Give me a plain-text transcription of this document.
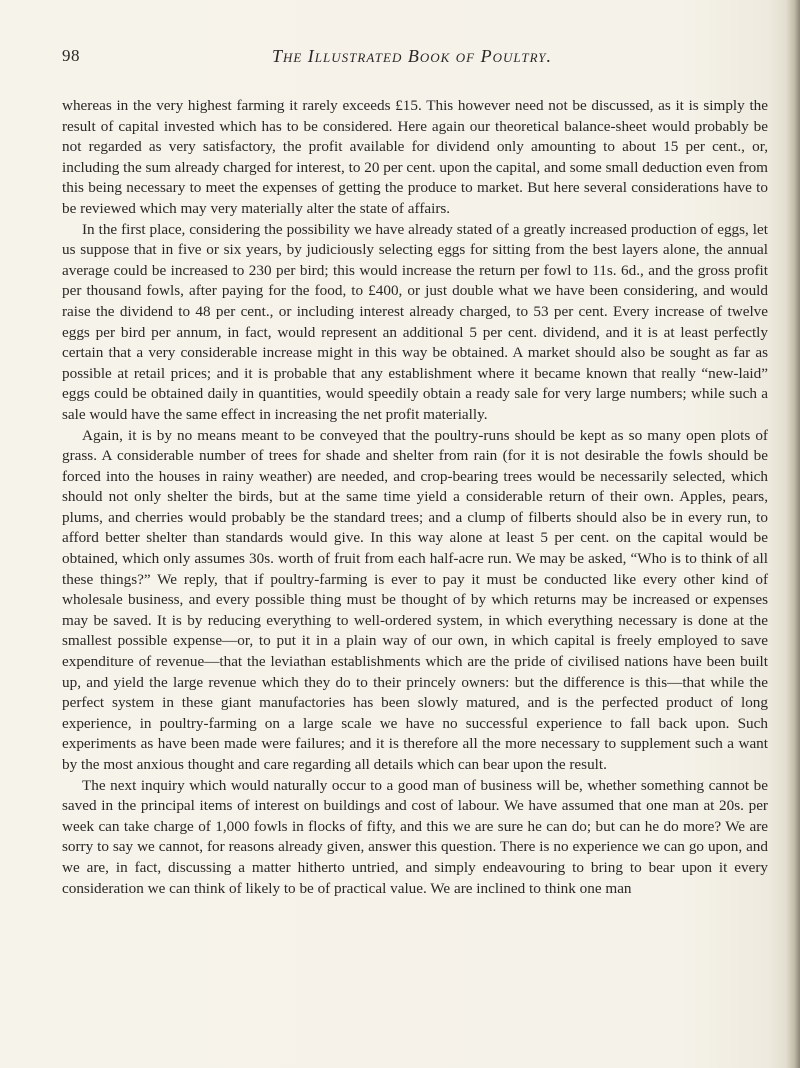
The Illustrated Book of Poultry.
98

whereas in the very highest farming it rarely exceeds £15. This however need not be discussed, as it is simply the result of capital invested which has to be considered. Here again our theoretical balance-sheet would probably be not regarded as very satisfactory, the profit available for dividend only amounting to about 15 per cent., or, including the sum already charged for interest, to 20 per cent. upon the capital, and some small deduction even from this being necessary to meet the expenses of getting the produce to market. But here several considerations have to be reviewed which may very materially alter the state of affairs.

In the first place, considering the possibility we have already stated of a greatly increased production of eggs, let us suppose that in five or six years, by judiciously selecting eggs for sitting from the best layers alone, the annual average could be increased to 230 per bird; this would increase the return per fowl to 11s. 6d., and the gross profit per thousand fowls, after paying for the food, to £400, or just double what we have been considering, and would raise the dividend to 48 per cent., or including interest already charged, to 53 per cent. Every increase of twelve eggs per bird per annum, in fact, would represent an additional 5 per cent. dividend, and it is at least perfectly certain that a very considerable increase might in this way be obtained. A market should also be sought as far as possible at retail prices; and it is probable that any establishment where it became known that really “new-laid” eggs could be obtained daily in quantities, would speedily obtain a ready sale for very large numbers; while such a sale would have the same effect in increasing the net profit materially.

Again, it is by no means meant to be conveyed that the poultry-runs should be kept as so many open plots of grass. A considerable number of trees for shade and shelter from rain (for it is not desirable the fowls should be forced into the houses in rainy weather) are needed, and crop-bearing trees would be necessarily selected, which should not only shelter the birds, but at the same time yield a considerable return of their own. Apples, pears, plums, and cherries would probably be the standard trees; and a clump of filberts should also be in every run, to afford better shelter than standards would give. In this way alone at least 5 per cent. on the capital would be obtained, which only assumes 30s. worth of fruit from each half-acre run. We may be asked, “Who is to think of all these things?” We reply, that if poultry-farming is ever to pay it must be conducted like every other kind of wholesale business, and every possible thing must be thought of by which returns may be increased or expenses may be saved. It is by reducing everything to well-ordered system, in which everything necessary is done at the smallest possible expense—or, to put it in a plain way of our own, in which capital is freely employed to save expenditure of revenue—that the leviathan establishments which are the pride of civilised nations have been built up, and yield the large revenue which they do to their princely owners: but the difference is this—that while the perfect system in these giant manufactories has been slowly matured, and is the perfected product of long experience, in poultry-farming on a large scale we have no successful experience to fall back upon. Such experiments as have been made were failures; and it is therefore all the more necessary to supplement such a want by the most anxious thought and care regarding all details which can bear upon the result.

The next inquiry which would naturally occur to a good man of business will be, whether something cannot be saved in the principal items of interest on buildings and cost of labour. We have assumed that one man at 20s. per week can take charge of 1,000 fowls in flocks of fifty, and this we are sure he can do; but can he do more? We are sorry to say we cannot, for reasons already given, answer this question. There is no experience we can go upon, and we are, in fact, discussing a matter hitherto untried, and simply endeavouring to bring to bear upon it every consideration we can think of likely to be of practical value. We are inclined to think one man
